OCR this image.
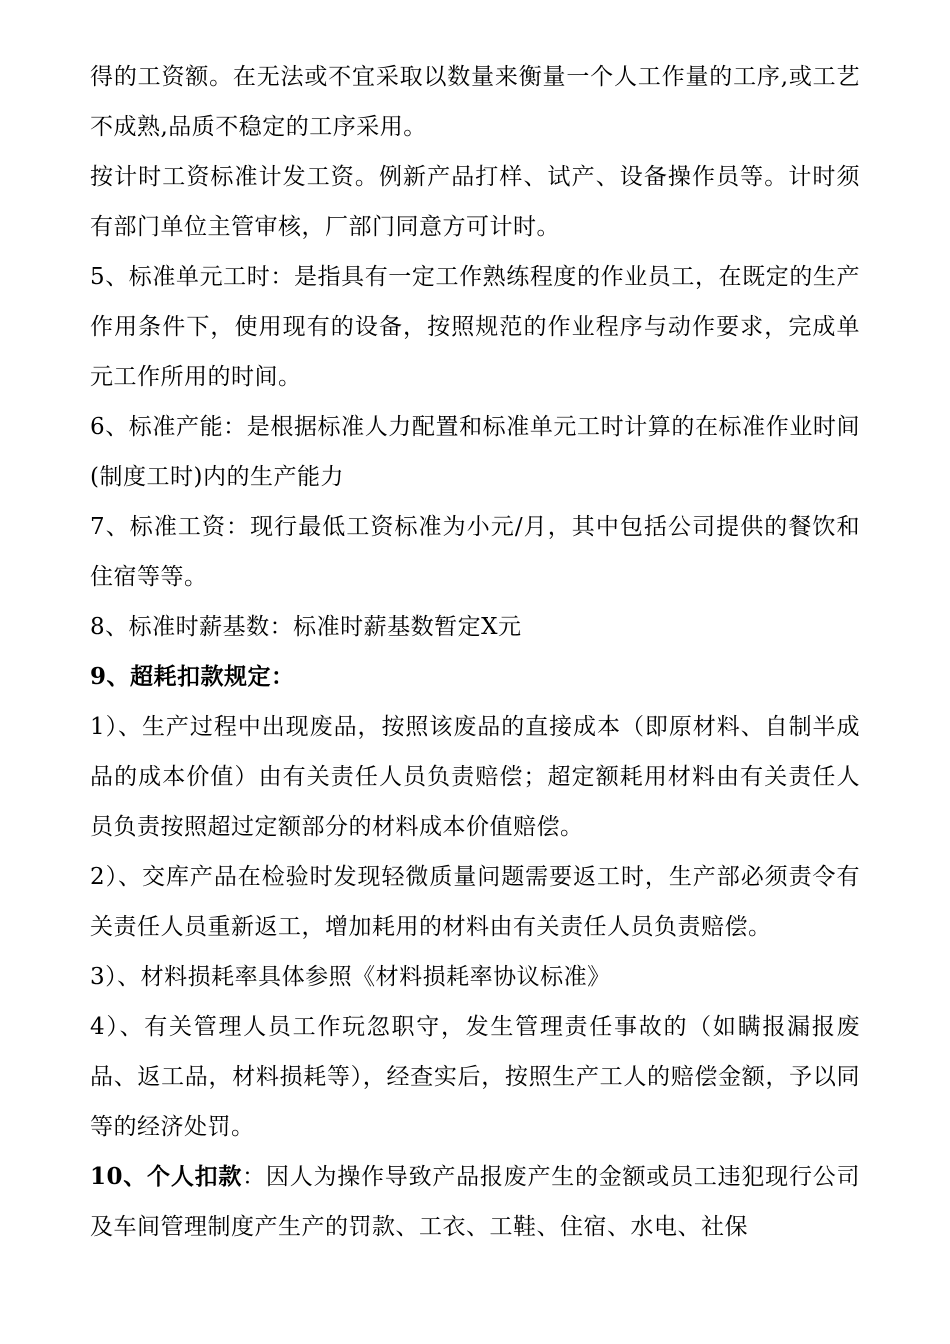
得的工资额。在无法或不宜采取以数量来衡量一个人工作量的工序,或工艺不成熟,品质不稳定的工序采用。

按计时工资标准计发工资。例新产品打样、试产、设备操作员等。计时须有部门单位主管审核，厂部门同意方可计时。

5、标准单元工时：是指具有一定工作熟练程度的作业员工，在既定的生产作用条件下，使用现有的设备，按照规范的作业程序与动作要求，完成单元工作所用的时间。

6、标准产能：是根据标准人力配置和标准单元工时计算的在标准作业时间(制度工时)内的生产能力

7、标准工资：现行最低工资标准为小元/月，其中包括公司提供的餐饮和住宿等等。

8、标准时薪基数：标准时薪基数暂定X元

9、超耗扣款规定：

1）、生产过程中出现废品，按照该废品的直接成本（即原材料、自制半成品的成本价值）由有关责任人员负责赔偿；超定额耗用材料由有关责任人员负责按照超过定额部分的材料成本价值赔偿。

2）、交库产品在检验时发现轻微质量问题需要返工时，生产部必须责令有关责任人员重新返工，增加耗用的材料由有关责任人员负责赔偿。

3）、材料损耗率具体参照《材料损耗率协议标准》

4）、有关管理人员工作玩忽职守，发生管理责任事故的（如瞒报漏报废品、返工品，材料损耗等），经查实后，按照生产工人的赔偿金额，予以同等的经济处罚。

10、个人扣款：因人为操作导致产品报废产生的金额或员工违犯现行公司及车间管理制度产生产的罚款、工衣、工鞋、住宿、水电、社保
